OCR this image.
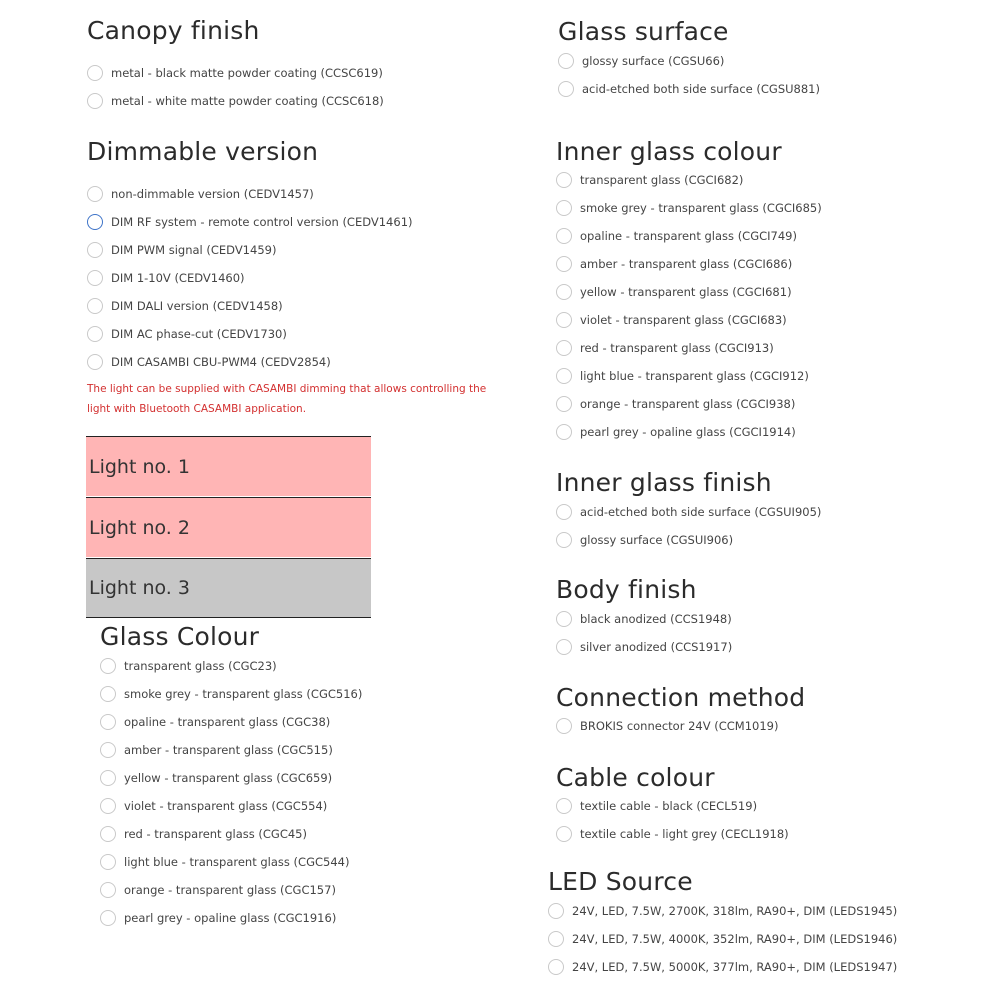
Canopy finish
metal - black matte powder coating (CCSC619)
metal - white matte powder coating (CCSC618)
Dimmable version
non-dimmable version (CEDV1457)
DIM RF system - remote control version (CEDV1461)
DIM PWM signal (CEDV1459)
DIM 1-10V (CEDV1460)
DIM DALI version (CEDV1458)
DIM AC phase-cut (CEDV1730)
DIM CASAMBI CBU-PWM4 (CEDV2854)
The light can be supplied with CASAMBI dimming that allows controlling the light with Bluetooth CASAMBI application.
Light no. 1
Light no. 2
Light no. 3
Glass Colour
transparent glass (CGC23)
smoke grey - transparent glass (CGC516)
opaline - transparent glass (CGC38)
amber - transparent glass (CGC515)
yellow - transparent glass (CGC659)
violet - transparent glass (CGC554)
red - transparent glass (CGC45)
light blue - transparent glass (CGC544)
orange - transparent glass (CGC157)
pearl grey - opaline glass (CGC1916)
Glass surface
glossy surface (CGSU66)
acid-etched both side surface (CGSU881)
Inner glass colour
transparent glass (CGCI682)
smoke grey - transparent glass (CGCI685)
opaline - transparent glass (CGCI749)
amber - transparent glass (CGCI686)
yellow - transparent glass (CGCI681)
violet - transparent glass (CGCI683)
red - transparent glass (CGCI913)
light blue - transparent glass (CGCI912)
orange - transparent glass (CGCI938)
pearl grey - opaline glass (CGCI1914)
Inner glass finish
acid-etched both side surface (CGSUI905)
glossy surface (CGSUI906)
Body finish
black anodized (CCS1948)
silver anodized (CCS1917)
Connection method
BROKIS connector 24V (CCM1019)
Cable colour
textile cable - black (CECL519)
textile cable - light grey (CECL1918)
LED Source
24V, LED, 7.5W, 2700K, 318lm, RA90+, DIM (LEDS1945)
24V, LED, 7.5W, 4000K, 352lm, RA90+, DIM (LEDS1946)
24V, LED, 7.5W, 5000K, 377lm, RA90+, DIM (LEDS1947)
